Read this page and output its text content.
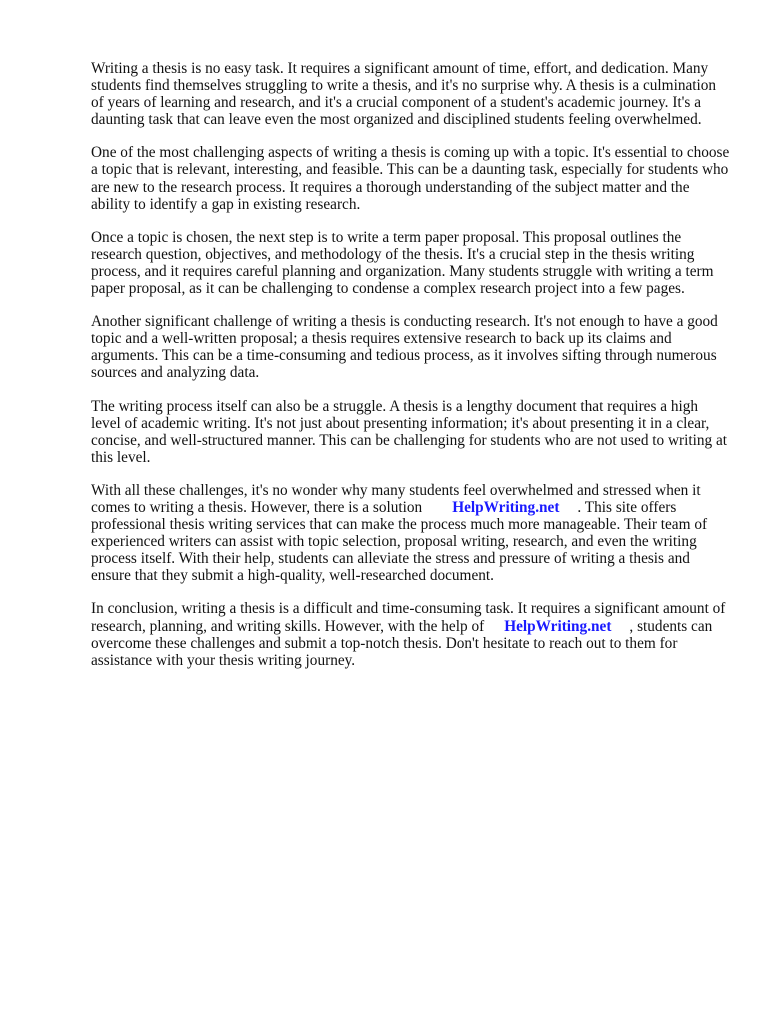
Writing a thesis is no easy task. It requires a significant amount of time, effort, and dedication. Many students find themselves struggling to write a thesis, and it's no surprise why. A thesis is a culmination of years of learning and research, and it's a crucial component of a student's academic journey. It's a daunting task that can leave even the most organized and disciplined students feeling overwhelmed.

One of the most challenging aspects of writing a thesis is coming up with a topic. It's essential to choose a topic that is relevant, interesting, and feasible. This can be a daunting task, especially for students who are new to the research process. It requires a thorough understanding of the subject matter and the ability to identify a gap in existing research.

Once a topic is chosen, the next step is to write a term paper proposal. This proposal outlines the research question, objectives, and methodology of the thesis. It's a crucial step in the thesis writing process, and it requires careful planning and organization. Many students struggle with writing a term paper proposal, as it can be challenging to condense a complex research project into a few pages.

Another significant challenge of writing a thesis is conducting research. It's not enough to have a good topic and a well-written proposal; a thesis requires extensive research to back up its claims and arguments. This can be a time-consuming and tedious process, as it involves sifting through numerous sources and analyzing data.

The writing process itself can also be a struggle. A thesis is a lengthy document that requires a high level of academic writing. It's not just about presenting information; it's about presenting it in a clear, concise, and well-structured manner. This can be challenging for students who are not used to writing at this level.

With all these challenges, it's no wonder why many students feel overwhelmed and stressed when it comes to writing a thesis. However, there is a solution HelpWriting.net . This site offers professional thesis writing services that can make the process much more manageable. Their team of experienced writers can assist with topic selection, proposal writing, research, and even the writing process itself. With their help, students can alleviate the stress and pressure of writing a thesis and ensure that they submit a high-quality, well-researched document.

In conclusion, writing a thesis is a difficult and time-consuming task. It requires a significant amount of research, planning, and writing skills. However, with the help of HelpWriting.net , students can overcome these challenges and submit a top-notch thesis. Don't hesitate to reach out to them for assistance with your thesis writing journey.
